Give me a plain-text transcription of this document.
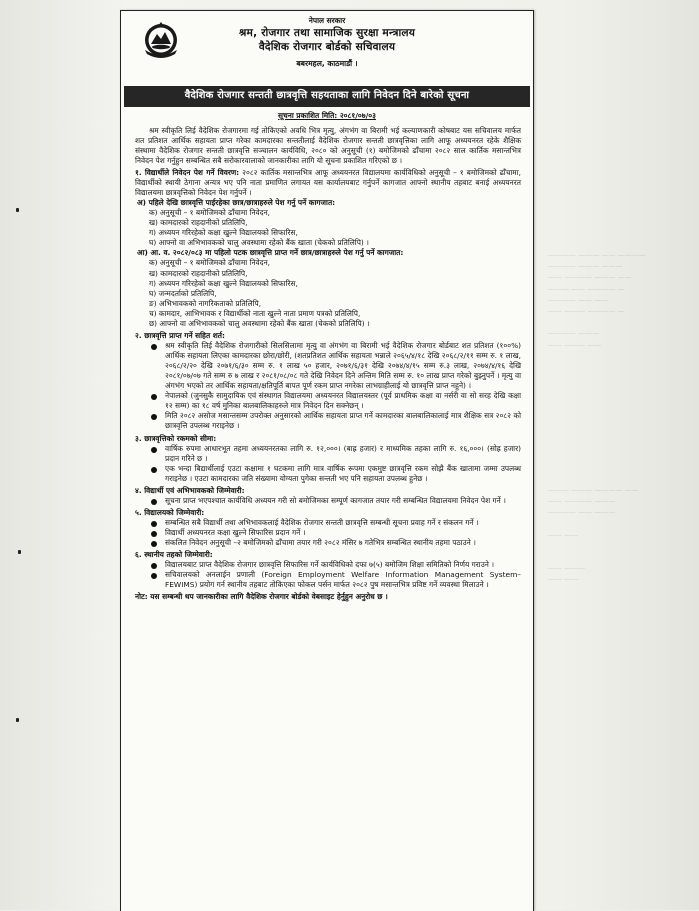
———— ——— —— ————
———— ——— ———
—— ———— ——— ——
——— —— ———— —
———— —— ——
—— ——— ———— —

———— ———
—— ——— ——

——— ——— ———— ——
—— ———— ———
———— —— ———

—— ——

—— ———
—— ——
नेपाल सरकार
श्रम, रोजगार तथा सामाजिक सुरक्षा मन्त्रालय
वैदेशिक रोजगार बोर्डको सचिवालय
बबरमहल, काठमाडौं ।
वैदेशिक रोजगार सन्तती छात्रवृत्ति सहयताका लागि निवेदन दिने बारेको सूचना
सूचना प्रकाशित मिति: २०८१/०७/०३

श्रम स्वीकृति लिई वैदेशिक रोजगारमा गई तोकिएको अवधि भित्र मृत्यु, अंगभंग वा बिरामी भई कल्याणकारी कोषबाट यस सचिवालय मार्फत शत प्रतिशत आर्थिक सहायता प्राप्त गरेका कामदारका सन्ततीलाई वैदेशिक रोजगार सन्तती छात्रवृत्तिका लागि आफू अध्ययनरत रहेके शैक्षिक संस्थामा वैदेशिक रोजगार सन्तती छात्रवृत्ति सञ्चालन कार्यविधि, २०८० को अनुसूची (१) बमोजिमको ढाँचामा २०८२ साल कार्तिक मसान्तभित्र निवेदन पेश गर्नुहुन सम्बन्धित सबै सरोकारवालाको जानकारीका लागि यो सूचना प्रकाशित गरिएको छ ।

१. विद्यार्थीले निवेदन पेश गर्ने विवरण: २०८२ कार्तिक मसान्तभित्र आफू अध्ययनरत विद्यालयमा कार्यविधिको अनुसूची – १ बमोजिमको ढाँचामा, विद्यार्थीको स्थायी ठेगाना अन्यत्र भए पनि नाता प्रमाणित लगायत यस कार्यालयबाट गर्नुपर्ने कागजात आफ्नो स्थानीय तहबाट बनाई अध्ययनरत विद्यालयमा छात्रवृत्तिको निवेदन पेश गर्नुपर्ने ।

अ) पहिले देखि छात्रवृत्ति पाईरहेका छात्र/छात्राहरुले पेश गर्नु पर्ने कागजात:
क) अनुसूची – १ बमोजिमको ढाँचामा निवेदन,
ख) कामदारको राहदानीको प्रतिलिपि,
ग) अध्ययन गरिरहेको कक्षा खुल्ने विद्यालयको सिफारिस,
घ) आफ्नो वा अभिभावकको चालु अवस्थामा रहेको बैंक खाता (चेकको प्रतिलिपि) ।
आ) आ. व. २०८२/०८३ मा पहिलो पटक छात्रवृत्ति प्राप्त गर्ने छात्र/छात्राहरुले पेश गर्नु पर्ने कागजात:
क) अनुसूची – १ बमोजिमको ढाँचामा निवेदन,
ख) कामदारको राहदानीको प्रतिलिपि,
ग) अध्ययन गरिरहेको कक्षा खुल्ने विद्यालयको सिफारिस,
घ) जन्मदर्ताको प्रतिलिपि,
ङ) अभिभावकको नागरिकताको प्रतिलिपि,
च) कामदार, आभिभावक र विद्यार्थीको नाता खुल्ने नाता प्रमाण पत्रको प्रतिलिपि,
छ) आफ्नो वा अभिभावकको चालु अवस्थामा रहेको बैंक खाता (चेकको प्रतिलिपि) ।
२. छात्रवृत्ति प्राप्त गर्ने सहित शर्त:
श्रम स्वीकृति लिई वैदेशिक रोजगारीको सिलसिलामा मृत्यु वा अंगभंग वा बिरामी भई वैदेशिक रोजगार बोर्डबाट शत प्रतिशत (१००%) आर्थिक सहायता लिएका कामदारका छोरा/छोरी, (शतप्रतिशत आर्थिक सहायता भन्नाले २०६५/४/१८ देखि २०६८/२/११ सम्म रु. १ लाख, २०६८/२/२० देखि २०७१/६/३० सम्म रु. १ लाख ५० हजार, २०७१/६/३१ देखि २०७४/४/१५ सम्म रु.३ लाख, २०७४/४/१६ देखि २०८१/०७/०७ गते सम्म रु ७ लाख र २०८१/०८/०८ गते देखि निवेदन दिने अन्तिम मिति सम्म रु. १० लाख प्राप्त गरेको बुझ्नुपर्ने । मृत्यु वा अंगभंग भएको तर आर्थिक सहायता/क्षतिपूर्ति बापत पूर्ण रकम प्राप्त नगरेका लाभग्राहीलाई यो छात्रवृत्ति प्राप्त नहुने) ।
नेपालको (जुनसुकै सामुदायिक एवं संस्थागत विद्यालयमा अध्ययनरत विद्यालयस्तर (पूर्व प्राथमिक कक्षा वा नर्सरी वा सो सरह देखि कक्षा १२ सम्म) का १८ वर्ष मुनिका बालबालिकाहरुले मात्र निवेदन दिन सक्नेछन् ।
मिति २०८२ असोज मसान्तसम्म उपरोक्त अनुसारको आर्थिक सहायता प्राप्त गर्ने कामदारका बालबालिकालाई मात्र शैक्षिक सत्र २०८२ को छात्रवृत्ति उपलब्ध गराइनेछ ।
३. छात्रवृत्तिको रकमको सीमा:
वार्षिक रुपमा आधारभूत तहमा अध्ययनरतका लागि रु. १२,०००। (बाह्र हजार) र माध्यमिक तहका लागि रु. १६,०००। (सोह्र हजार) प्रदान गरिने छ ।
एक भन्दा बिद्यार्थीलाई एउटा कक्षामा १ घटकमा लागि मात्र वार्षिक रूपमा एकमुष्ट छात्रवृत्ति रकम सोझै बैंक खातामा जम्मा उपलब्ध गराइनेछ । एउटा कामदारका जति संख्यामा योग्यता पुगेका सन्तती भए पनि सहायता उपलब्ध हुनेछ ।
४. विद्यार्थी एवं अभिभावकको जिम्मेवारी:
सूचना प्राप्त भएपश्चात कार्यविधि अध्ययन गरी सो बमोजिमका सम्पूर्ण कागजात तयार गरी सम्बन्धित विद्यालयमा निवेदन पेश गर्ने ।
५. विद्यालयको जिम्मेवारी:
सम्बन्धित सबै विद्यार्थी तथा अभिभावकलाई वैदेशिक रोजगार सन्तती छात्रवृत्ति सम्बन्धी सूचना प्रवाह गर्ने र संकलन गर्ने ।
विद्यार्थी अध्ययनरत कक्षा खुल्ने सिफारिस प्रदान गर्ने ।
संकलित निवेदन अनुसूची –२ बमोजिमको ढाँचामा तयार गरी २०८२ मंसिर ७ गतेभित्र सम्बन्धित स्थानीय तहमा पठाउने ।
६. स्थानीय तहको जिम्मेवारी:
विद्यालयबाट प्राप्त वैदेशिक रोजगार छात्रवृत्ति सिफारिस गर्ने कार्यविधिको दफा ७(५) बमोजिम शिक्षा समितिको निर्णय गराउने ।
सचिवालयको अनलाईन प्रणाली (Foreign Employment Welfare Information Management System–FEWIMS) प्रयोग गर्न स्थानीय तहबाट तोकिएका फोकल पर्सन मार्फत २०८२ पुष मसान्तभित्र प्रविष्ट गर्ने व्यवस्था मिलाउने ।

नोट: यस सम्बन्धी थप जानकारीका लागि वैदेशिक रोजगार बोर्डको वेबसाइट हेर्नुहुन अनुरोध छ ।
